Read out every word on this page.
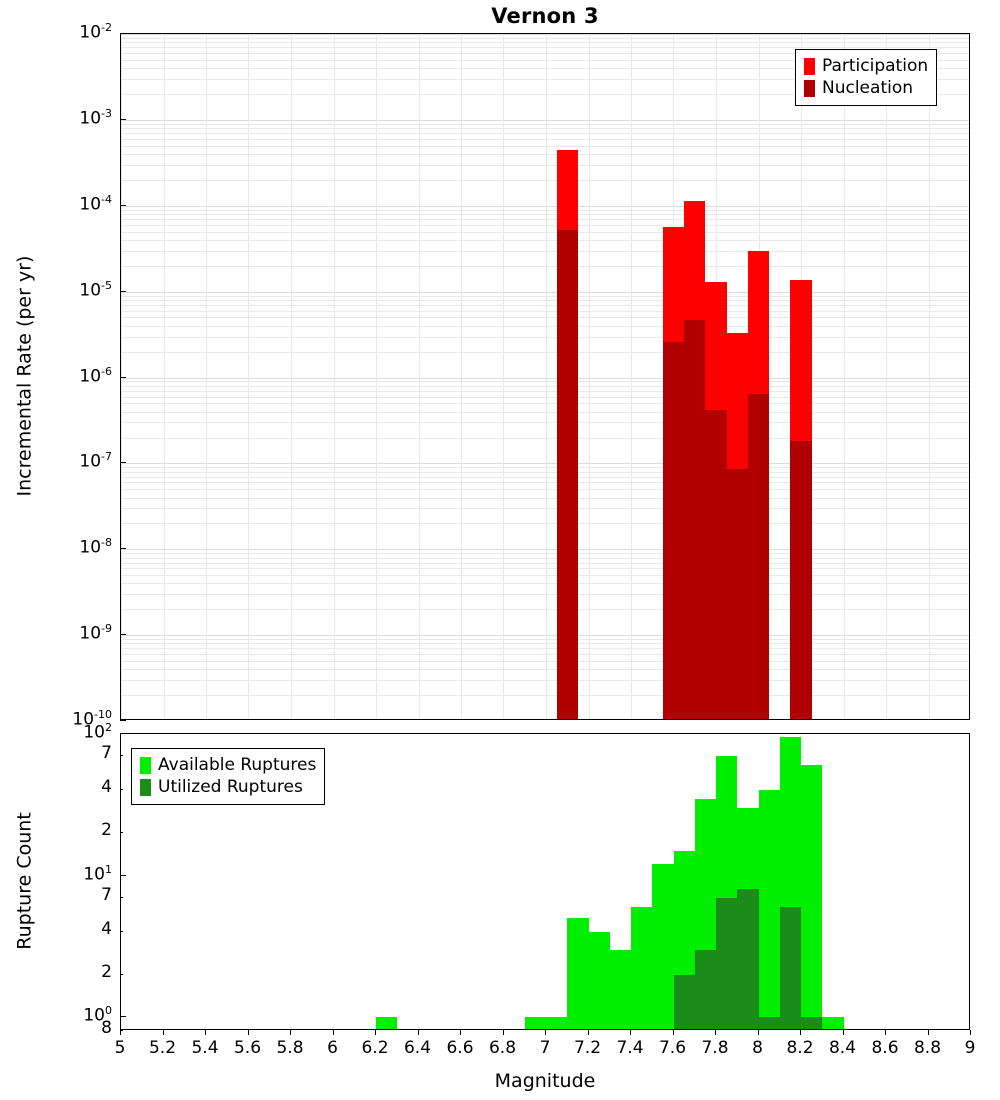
Vernon 3
Participation
Nucleation
Incremental Rate (per yr)
Available Ruptures
Utilized Ruptures
Rupture Count
Magnitude
$10^{-2}$
$10^{-3}$
$10^{-4}$
$10^{-5}$
$10^{-6}$
$10^{-7}$
$10^{-8}$
$10^{-9}$
$10^{-10}$
$10^2$
7
4
2
$10^1$
7
4
2
$10^0$
8
5	5.2 5.4 5.6 5.8	6	6.2 6.4 6.6 6.8	7	7.2 7.4 7.6 7.8	8	8.2 8.4 8.6 8.8	9
